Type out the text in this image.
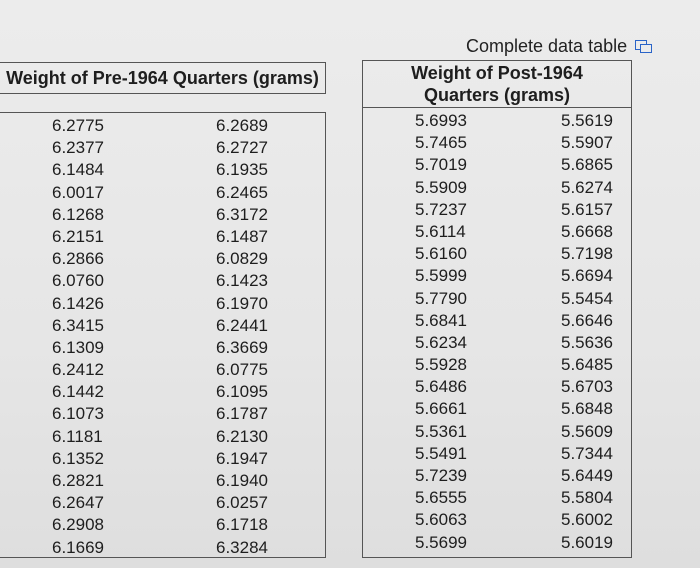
Complete data table
Weight of Pre-1964 Quarters (grams)
6.2775
6.2377
6.1484
6.0017
6.1268
6.2151
6.2866
6.0760
6.1426
6.3415
6.1309
6.2412
6.1442
6.1073
6.1181
6.1352
6.2821
6.2647
6.2908
6.1669
6.2689
6.2727
6.1935
6.2465
6.3172
6.1487
6.0829
6.1423
6.1970
6.2441
6.3669
6.0775
6.1095
6.1787
6.2130
6.1947
6.1940
6.0257
6.1718
6.3284
Weight of Post-1964
Quarters (grams)
5.6993
5.7465
5.7019
5.5909
5.7237
5.6114
5.6160
5.5999
5.7790
5.6841
5.6234
5.5928
5.6486
5.6661
5.5361
5.5491
5.7239
5.6555
5.6063
5.5699
5.5619
5.5907
5.6865
5.6274
5.6157
5.6668
5.7198
5.6694
5.5454
5.6646
5.5636
5.6485
5.6703
5.6848
5.5609
5.7344
5.6449
5.5804
5.6002
5.6019
